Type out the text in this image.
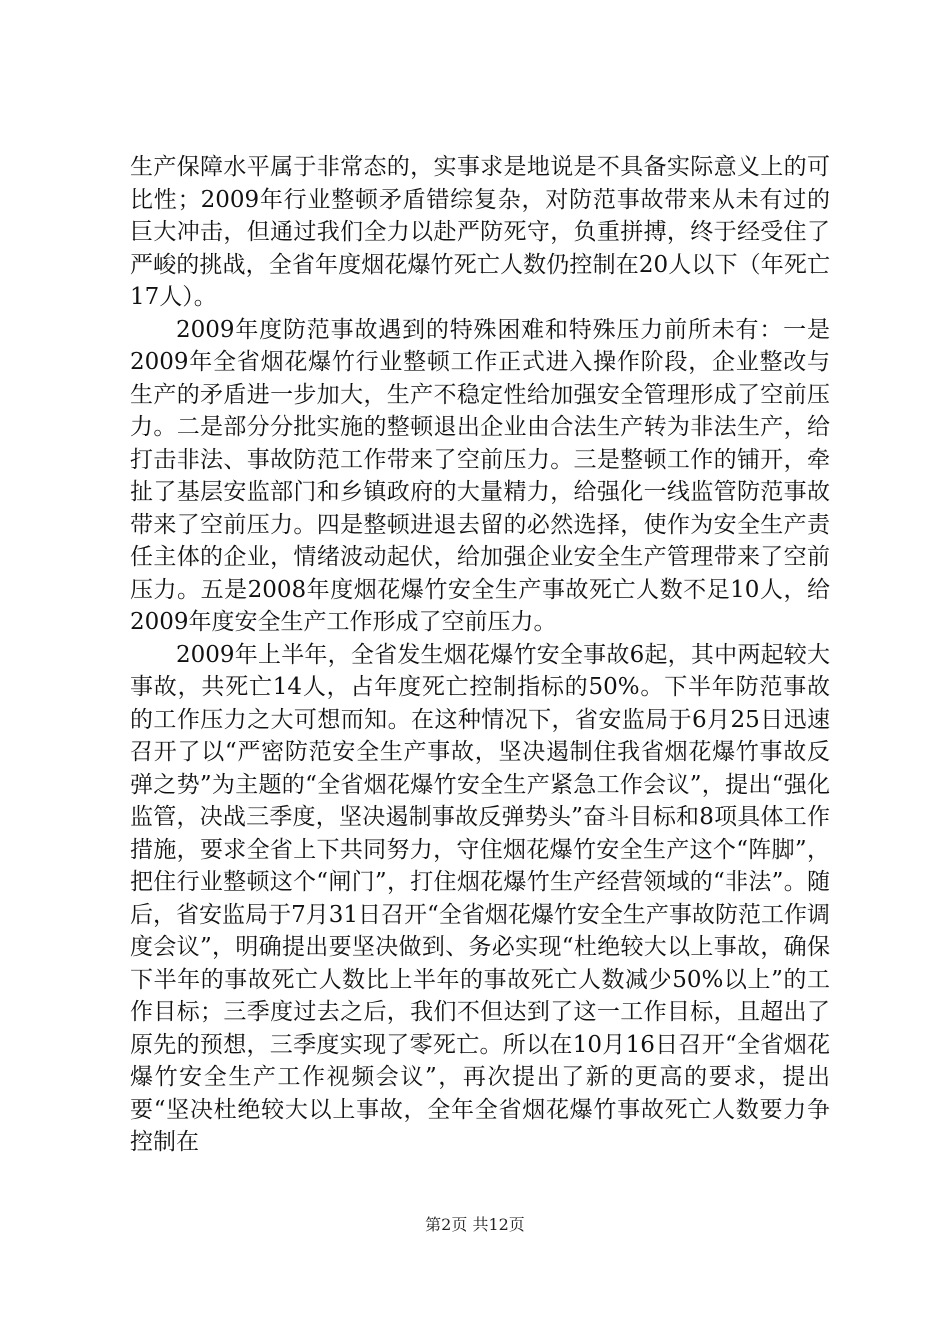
生产保障水平属于非常态的，实事求是地说是不具备实际意义上的可比性；2009年行业整顿矛盾错综复杂，对防范事故带来从未有过的巨大冲击，但通过我们全力以赴严防死守，负重拼搏，终于经受住了严峻的挑战，全省年度烟花爆竹死亡人数仍控制在20人以下（年死亡17人）。

2009年度防范事故遇到的特殊困难和特殊压力前所未有：一是2009年全省烟花爆竹行业整顿工作正式进入操作阶段，企业整改与生产的矛盾进一步加大，生产不稳定性给加强安全管理形成了空前压力。二是部分分批实施的整顿退出企业由合法生产转为非法生产，给打击非法、事故防范工作带来了空前压力。三是整顿工作的铺开，牵扯了基层安监部门和乡镇政府的大量精力，给强化一线监管防范事故带来了空前压力。四是整顿进退去留的必然选择，使作为安全生产责任主体的企业，情绪波动起伏，给加强企业安全生产管理带来了空前压力。五是2008年度烟花爆竹安全生产事故死亡人数不足10人，给2009年度安全生产工作形成了空前压力。

2009年上半年，全省发生烟花爆竹安全事故6起，其中两起较大事故，共死亡14人，占年度死亡控制指标的50%。下半年防范事故的工作压力之大可想而知。在这种情况下，省安监局于6月25日迅速召开了以“严密防范安全生产事故，坚决遏制住我省烟花爆竹事故反弹之势”为主题的“全省烟花爆竹安全生产紧急工作会议”，提出“强化监管，决战三季度，坚决遏制事故反弹势头”奋斗目标和8项具体工作措施，要求全省上下共同努力，守住烟花爆竹安全生产这个“阵脚”，把住行业整顿这个“闸门”，打住烟花爆竹生产经营领域的“非法”。随后，省安监局于7月31日召开“全省烟花爆竹安全生产事故防范工作调度会议”，明确提出要坚决做到、务必实现“杜绝较大以上事故，确保下半年的事故死亡人数比上半年的事故死亡人数减少50%以上”的工作目标；三季度过去之后，我们不但达到了这一工作目标，且超出了原先的预想，三季度实现了零死亡。所以在10月16日召开“全省烟花爆竹安全生产工作视频会议”，再次提出了新的更高的要求，提出要“坚决杜绝较大以上事故，全年全省烟花爆竹事故死亡人数要力争控制在

第2页 共12页
